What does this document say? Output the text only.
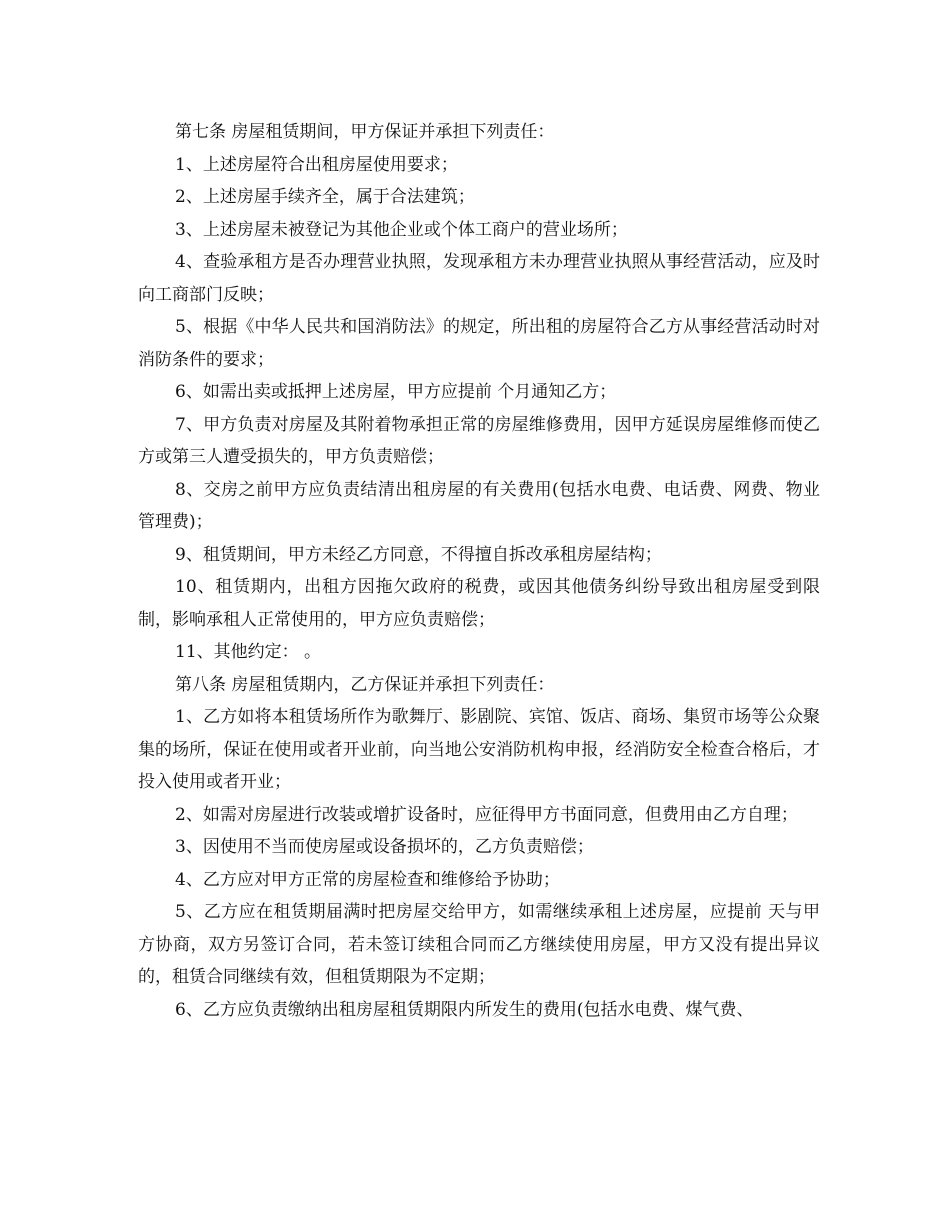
第七条 房屋租赁期间，甲方保证并承担下列责任：

1、上述房屋符合出租房屋使用要求；

2、上述房屋手续齐全，属于合法建筑；

3、上述房屋未被登记为其他企业或个体工商户的营业场所；

4、查验承租方是否办理营业执照，发现承租方未办理营业执照从事经营活动，应及时向工商部门反映；

5、根据《中华人民共和国消防法》的规定，所出租的房屋符合乙方从事经营活动时对消防条件的要求；

6、如需出卖或抵押上述房屋，甲方应提前 个月通知乙方；

7、甲方负责对房屋及其附着物承担正常的房屋维修费用，因甲方延误房屋维修而使乙方或第三人遭受损失的，甲方负责赔偿；

8、交房之前甲方应负责结清出租房屋的有关费用(包括水电费、电话费、网费、物业管理费)；

9、租赁期间，甲方未经乙方同意，不得擅自拆改承租房屋结构；

10、租赁期内，出租方因拖欠政府的税费，或因其他债务纠纷导致出租房屋受到限制，影响承租人正常使用的，甲方应负责赔偿；

11、其他约定： 。

第八条 房屋租赁期内，乙方保证并承担下列责任：

1、乙方如将本租赁场所作为歌舞厅、影剧院、宾馆、饭店、商场、集贸市场等公众聚集的场所，保证在使用或者开业前，向当地公安消防机构申报，经消防安全检查合格后，才投入使用或者开业；

2、如需对房屋进行改装或增扩设备时，应征得甲方书面同意，但费用由乙方自理；

3、因使用不当而使房屋或设备损坏的，乙方负责赔偿；

4、乙方应对甲方正常的房屋检查和维修给予协助；

5、乙方应在租赁期届满时把房屋交给甲方，如需继续承租上述房屋，应提前 天与甲方协商，双方另签订合同，若未签订续租合同而乙方继续使用房屋，甲方又没有提出异议的，租赁合同继续有效，但租赁期限为不定期；

6、乙方应负责缴纳出租房屋租赁期限内所发生的费用(包括水电费、煤气费、
